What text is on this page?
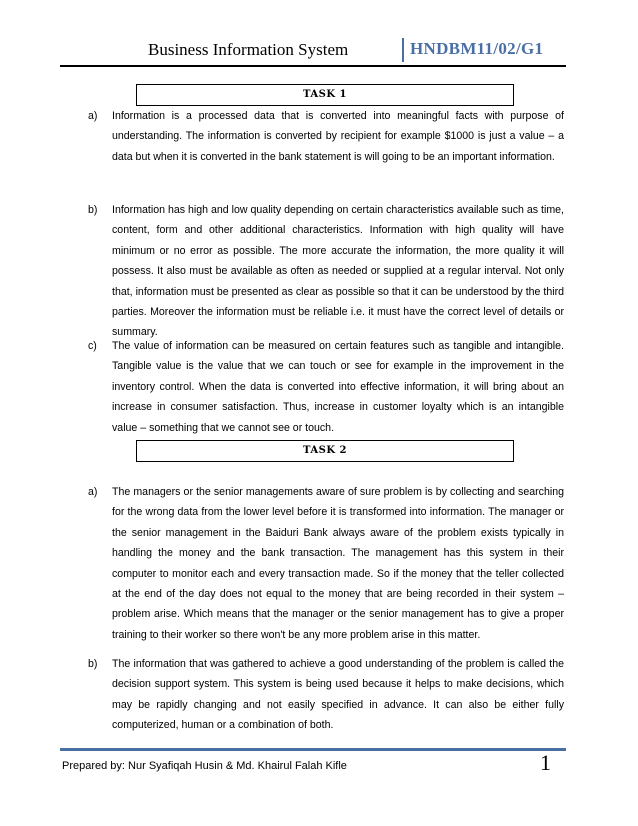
Business Information System	HNDBM11/02/G1
TASK 1
a) Information is a processed data that is converted into meaningful facts with purpose of understanding. The information is converted by recipient for example $1000 is just a value – a data but when it is converted in the bank statement is will going to be an important information.
b) Information has high and low quality depending on certain characteristics available such as time, content, form and other additional characteristics. Information with high quality will have minimum or no error as possible. The more accurate the information, the more quality it will possess. It also must be available as often as needed or supplied at a regular interval. Not only that, information must be presented as clear as possible so that it can be understood by the third parties. Moreover the information must be reliable i.e. it must have the correct level of details or summary.
c) The value of information can be measured on certain features such as tangible and intangible. Tangible value is the value that we can touch or see for example in the improvement in the inventory control. When the data is converted into effective information, it will bring about an increase in consumer satisfaction. Thus, increase in customer loyalty which is an intangible value – something that we cannot see or touch.
TASK 2
a) The managers or the senior managements aware of sure problem is by collecting and searching for the wrong data from the lower level before it is transformed into information. The manager or the senior management in the Baiduri Bank always aware of the problem exists typically in handling the money and the bank transaction. The management has this system in their computer to monitor each and every transaction made. So if the money that the teller collected at the end of the day does not equal to the money that are being recorded in their system – problem arise. Which means that the manager or the senior management has to give a proper training to their worker so there won't be any more problem arise in this matter.
b) The information that was gathered to achieve a good understanding of the problem is called the decision support system. This system is being used because it helps to make decisions, which may be rapidly changing and not easily specified in advance. It can also be either fully computerized, human or a combination of both.
Prepared by: Nur Syafiqah Husin & Md. Khairul Falah Kifle	1
